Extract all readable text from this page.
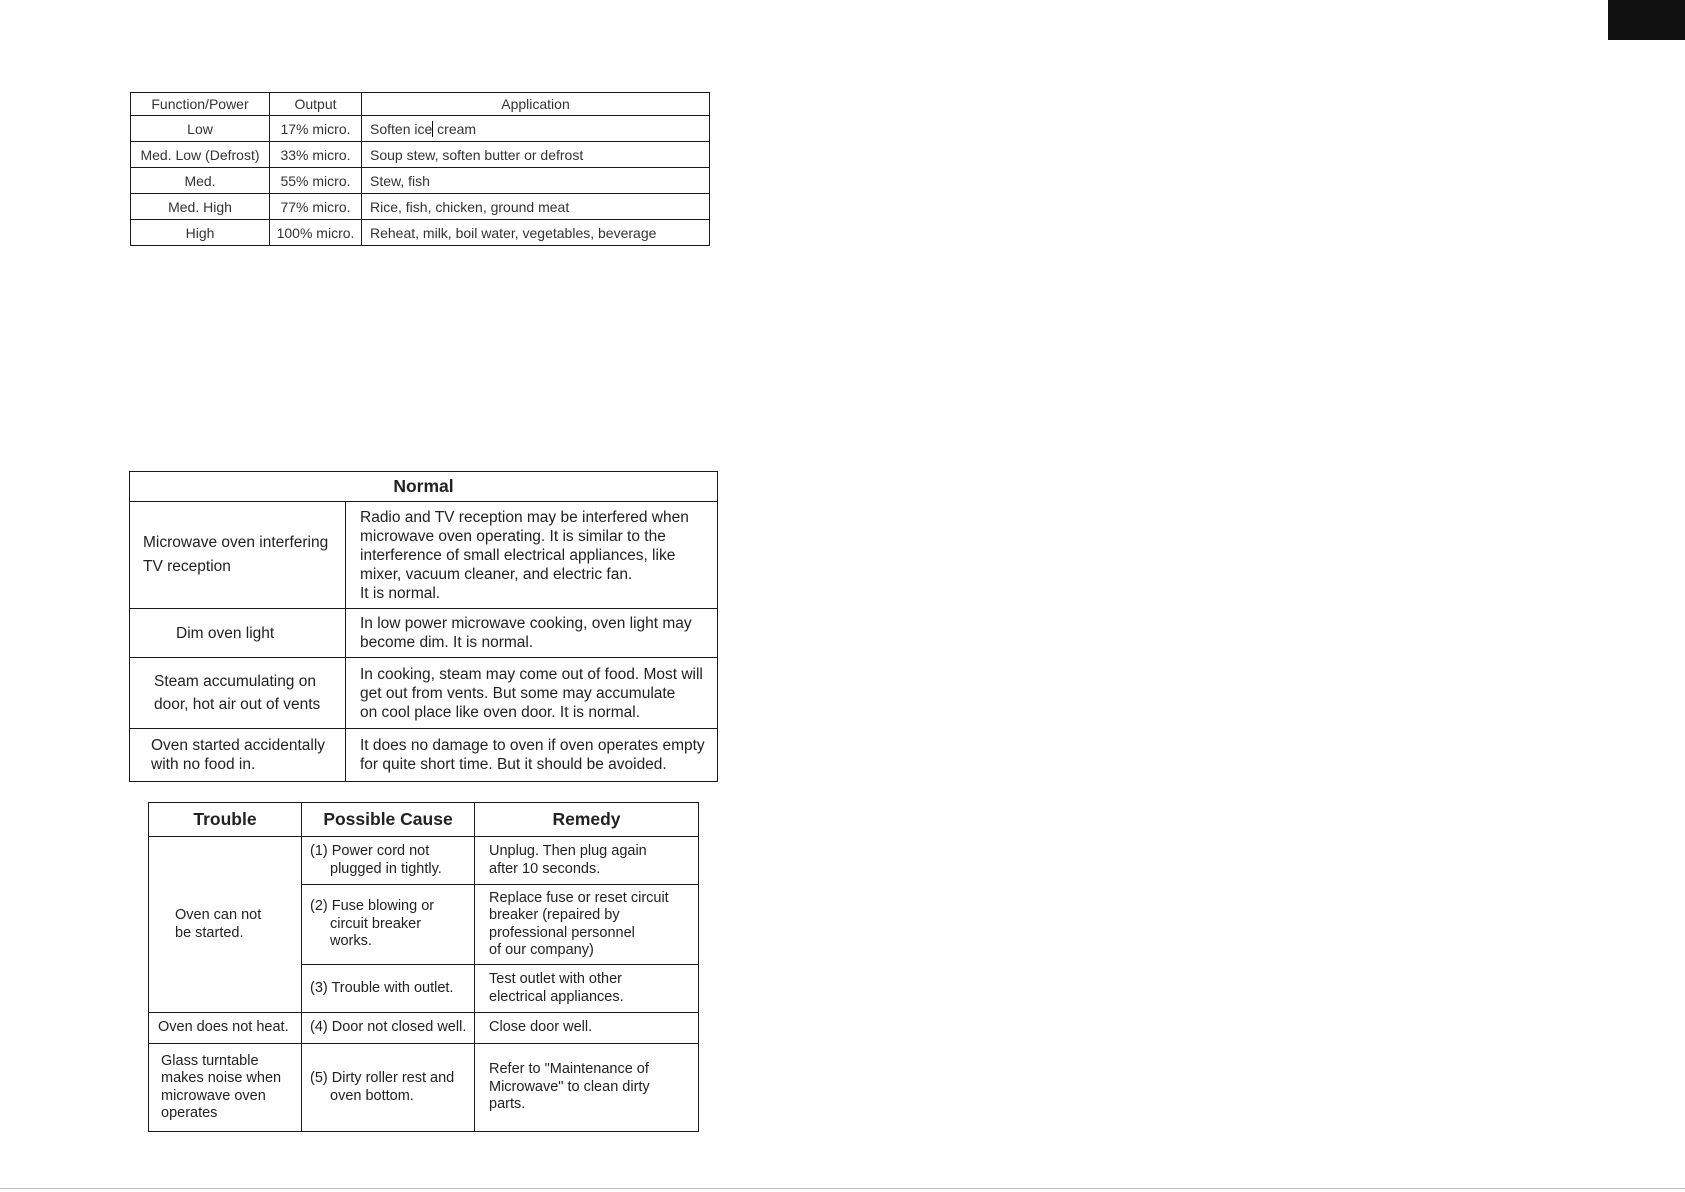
Function/Power	Output	Application
Low	17% micro.	Soften ice cream
Med. Low (Defrost)	33% micro.	Soup stew, soften butter or defrost
Med.	55% micro.	Stew, fish
Med. High	77% micro.	Rice, fish, chicken, ground meat
High	100% micro.	Reheat, milk, boil water, vegetables, beverage
Normal	

Microwave oven interfering
TV reception	Radio and TV reception may be interfered when
microwave oven operating. It is similar to the
interference of small electrical appliances, like
mixer, vacuum cleaner, and electric fan.
It is normal.

Dim oven light	In low power microwave cooking, oven light may
become dim. It is normal.

Steam accumulating on
door, hot air out of vents	In cooking, steam may come out of food. Most will
get out from vents. But some may accumulate
on cool place like oven door. It is normal.

Oven started accidentally
with no food in.	It does no damage to oven if oven operates empty
for quite short time. But it should be avoided.
Trouble	Possible Cause	Remedy

Oven can not
be started.	(1) Power cord not
plugged in tightly.	Unplug. Then plug again
after 10 seconds.

	(2) Fuse blowing or
circuit breaker
works.	Replace fuse or reset circuit
breaker (repaired by
professional personnel
of our company)

	(3) Trouble with outlet.	Test outlet with other
electrical appliances.

Oven does not heat.	(4) Door not closed well.	Close door well.

Glass turntable
makes noise when
microwave oven
operates	(5) Dirty roller rest and
oven bottom.	Refer to "Maintenance of
Microwave" to clean dirty
parts.
